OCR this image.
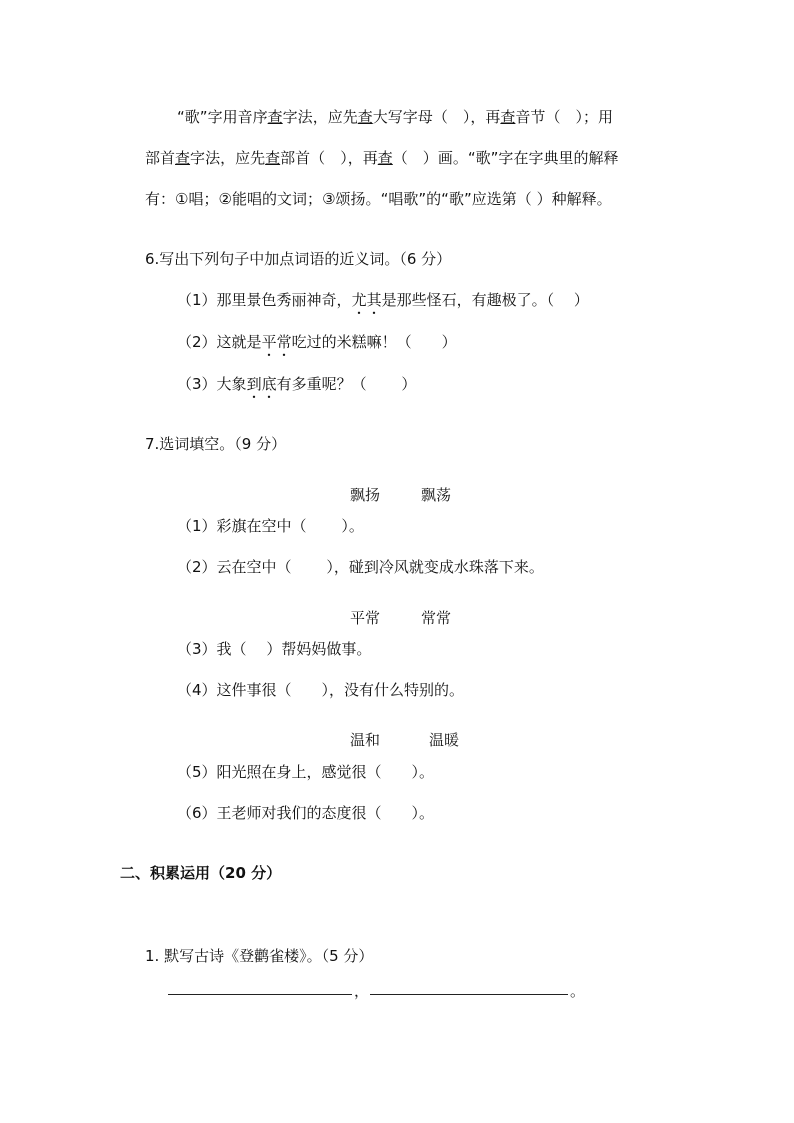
“歌”字用音序查字法，应先查大写字母（　 ），再查音节（　 ）；用
部首查字法，应先查部首（　 ），再查（　 ）画。“歌”字在字典里的解释
有：①唱；②能唱的文词；③颂扬。“唱歌”的“歌”应选第（ ）种解释。
6.写出下列句子中加点词语的近义词。（6 分）
（1）那里景色秀丽神奇，尤其是那些怪石，有趣极了。（　 ）
（2）这就是平常吃过的米糕嘛！（　　）
（3）大象到底有多重呢？（　　 ）
7.选词填空。（9 分）
飘扬	飘荡
（1）彩旗在空中（　　 ）。
（2）云在空中（　　 ），碰到冷风就变成水珠落下来。
平常	常常
（3）我（　 ）帮妈妈做事。
（4）这件事很（　　），没有什么特别的。
温和	温暖
（5）阳光照在身上，感觉很（　　）。
（6）王老师对我们的态度很（　　）。
二、积累运用（20 分）
1. 默写古诗《登鹳雀楼》。（5 分）
，	。
